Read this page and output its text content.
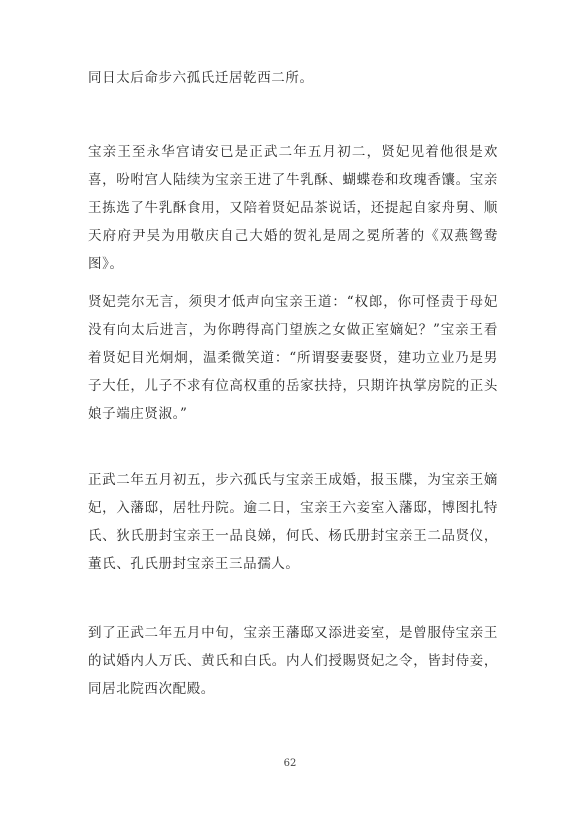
同日太后命步六孤氏迁居乾西二所。

宝亲王至永华宫请安已是正武二年五月初二，贤妃见着他很是欢喜，吩咐宫人陆续为宝亲王进了牛乳酥、蝴蝶卷和玫瑰香馕。宝亲王拣选了牛乳酥食用，又陪着贤妃品茶说话，还提起自家舟舅、顺天府府尹吴为用敬庆自己大婚的贺礼是周之冕所著的《双燕鸳鸯图》。

贤妃莞尔无言，须臾才低声向宝亲王道：“权郎，你可怪责于母妃没有向太后进言，为你聘得高门望族之女做正室嫡妃？”宝亲王看着贤妃目光炯炯，温柔微笑道：“所谓娶妻娶贤，建功立业乃是男子大任，儿子不求有位高权重的岳家扶持，只期许执掌房院的正头娘子端庄贤淑。”

正武二年五月初五，步六孤氏与宝亲王成婚，报玉牒，为宝亲王嫡妃，入藩邸，居牡丹院。逾二日，宝亲王六妾室入藩邸，博图扎特氏、狄氏册封宝亲王一品良娣，何氏、杨氏册封宝亲王二品贤仪，董氏、孔氏册封宝亲王三品孺人。

到了正武二年五月中旬，宝亲王藩邸又添进妾室，是曾服侍宝亲王的试婚内人万氏、黄氏和白氏。内人们授賜贤妃之令，皆封侍妾，同居北院西次配殿。

62
